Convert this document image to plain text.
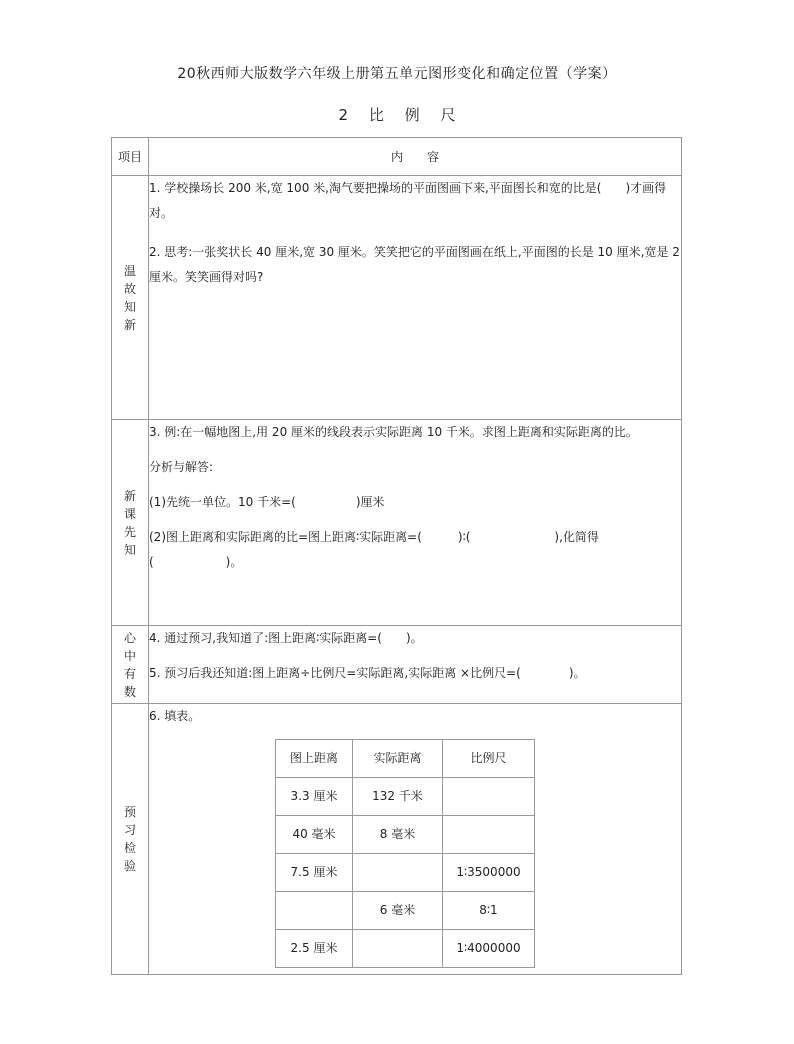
20秋西师大版数学六年级上册第五单元图形变化和确定位置（学案）
2 比 例 尺
项目	内　　容
温故知新	

1. 学校操场长 200 米,宽 100 米,淘气要把操场的平面图画下来,平面图长和宽的比是(　　)才画得对。

2. 思考:一张奖状长 40 厘米,宽 30 厘米。笑笑把它的平面图画在纸上,平面图的长是 10 厘米,宽是 2 厘米。笑笑画得对吗?

新课先知	

3. 例:在一幅地图上,用 20 厘米的线段表示实际距离 10 千米。求图上距离和实际距离的比。

分析与解答:

(1)先统一单位。10 千米=(　　　　　)厘米

(2)图上距离和实际距离的比=图上距离∶实际距离=(　　　)∶(　　　　　　　),化简得(　　　　　　)。

心中有数	

4. 通过预习,我知道了:图上距离∶实际距离=(　　)。

5. 预习后我还知道:图上距离÷比例尺=实际距离,实际距离 ×比例尺=(　　　　)。

预习检验	

6. 填表。

图上距离	实际距离	比例尺
3.3 厘米	132 千米	
40 毫米	8 毫米	
7.5 厘米		1∶3500000
	6 毫米	8∶1
2.5 厘米		1∶4000000
